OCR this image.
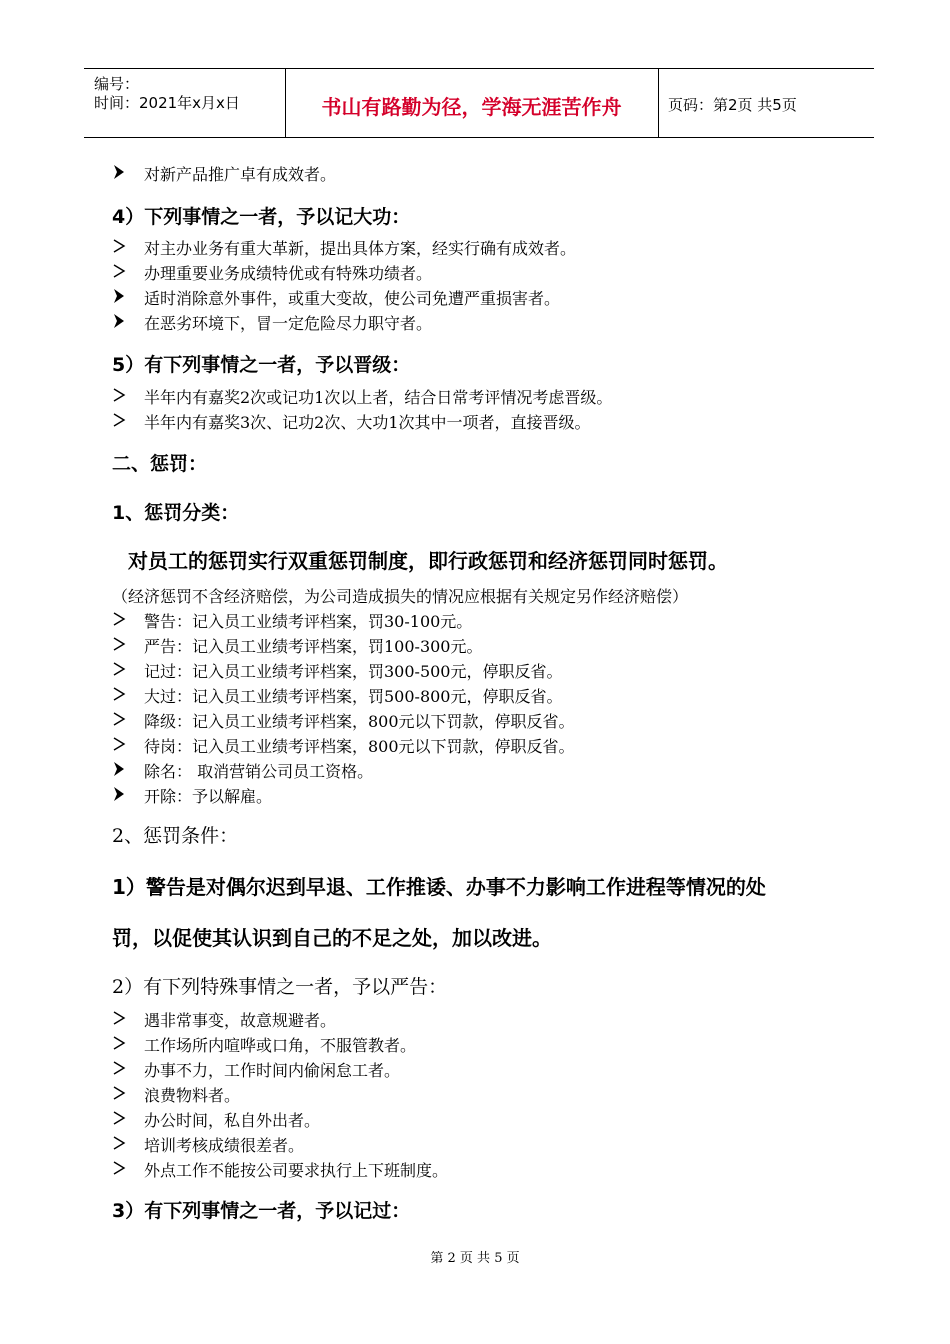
编号：
时间：2021年x月x日	书山有路勤为径，学海无涯苦作舟	页码：第2页 共5页
对新产品推广卓有成效者。
4）下列事情之一者，予以记大功：
对主办业务有重大革新，提出具体方案，经实行确有成效者。
办理重要业务成绩特优或有特殊功绩者。
适时消除意外事件，或重大变故，使公司免遭严重损害者。
在恶劣环境下，冒一定危险尽力职守者。
5）有下列事情之一者，予以晋级：
半年内有嘉奖2次或记功1次以上者，结合日常考评情况考虑晋级。
半年内有嘉奖3次、记功2次、大功1次其中一项者，直接晋级。
二、惩罚：
1、惩罚分类：
对员工的惩罚实行双重惩罚制度，即行政惩罚和经济惩罚同时惩罚。
（经济惩罚不含经济赔偿，为公司造成损失的情况应根据有关规定另作经济赔偿）
警告：记入员工业绩考评档案，罚30-100元。
严告：记入员工业绩考评档案，罚100-300元。
记过：记入员工业绩考评档案，罚300-500元，停职反省。
大过：记入员工业绩考评档案，罚500-800元，停职反省。
降级：记入员工业绩考评档案，800元以下罚款，停职反省。
待岗：记入员工业绩考评档案，800元以下罚款，停职反省。
除名： 取消营销公司员工资格。
开除：予以解雇。
2、惩罚条件：
1）警告是对偶尔迟到早退、工作推诿、办事不力影响工作进程等情况的处
罚，以促使其认识到自己的不足之处，加以改进。
2）有下列特殊事情之一者，予以严告：
遇非常事变，故意规避者。
工作场所内喧哗或口角，不服管教者。
办事不力，工作时间内偷闲怠工者。
浪费物料者。
办公时间，私自外出者。
培训考核成绩很差者。
外点工作不能按公司要求执行上下班制度。
3）有下列事情之一者，予以记过：
第 2 页 共 5 页
